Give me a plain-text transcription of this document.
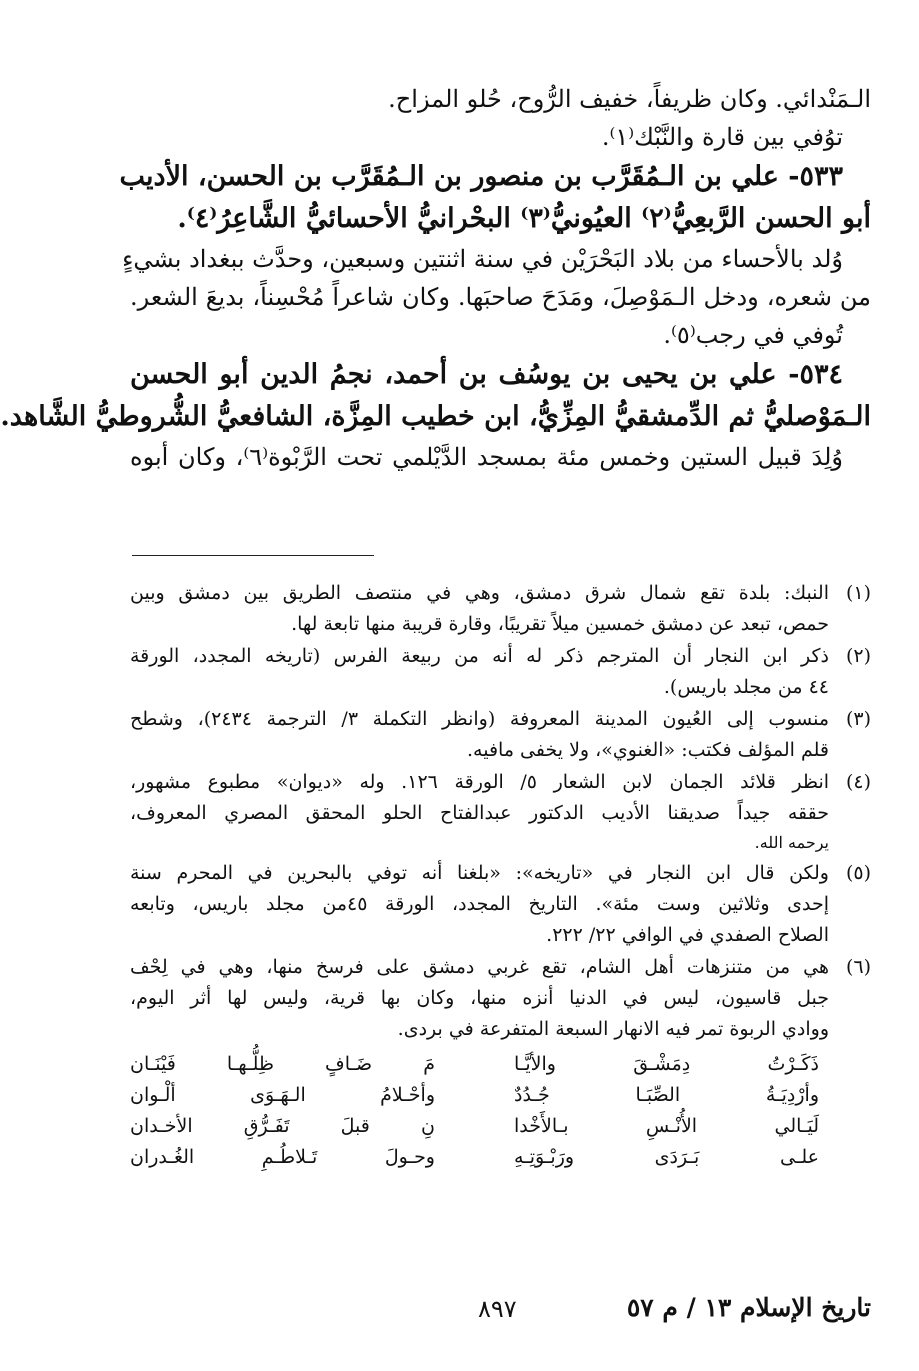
الـمَنْدائي. وكان ظريفاً، خفيف الرُّوح، حُلو المزاح.
توُفي بين قارة والنَّبْك⁽١⁾.
٥٣٣- علي بن الـمُقَرَّب بن منصور بن الـمُقَرَّب بن الحسن، الأديب
أبو الحسن الرَّبعِيُّ⁽٢⁾ العيُونيُّ⁽٣⁾ البحْرانيُّ الأحسائيُّ الشَّاعِرُ⁽٤⁾.
وُلد بالأحساء من بلاد البَحْرَيْن في سنة اثنتين وسبعين، وحدَّث ببغداد بشيءٍ
من شعره، ودخل الـمَوْصِلَ، ومَدَحَ صاحبَها. وكان شاعراً مُحْسِناً، بديعَ الشعر.
تُوفي في رجب⁽٥⁾.
٥٣٤- علي بن يحيى بن يوسُف بن أحمد، نجمُ الدين أبو الحسن
الـمَوْصليُّ ثم الدِّمشقيُّ المِزِّيُّ، ابن خطيب المِزَّة، الشافعيُّ الشُّروطيُّ الشَّاهد.
وُلِدَ قبيل الستين وخمس مئة بمسجد الدَّيْلمي تحت الرَّبْوة⁽٦⁾، وكان أبوه
(١)
النبك: بلدة تقع شمال شرق دمشق، وهي في منتصف الطريق بين دمشق وبين
حمص، تبعد عن دمشق خمسين ميلاً تقريبًا، وقارة قريبة منها تابعة لها.
(٢)
ذكر ابن النجار أن المترجم ذكر له أنه من ربيعة الفرس (تاريخه المجدد، الورقة
٤٤ من مجلد باريس).
(٣)
منسوب إلى العُيون المدينة المعروفة (وانظر التكملة ٣/ الترجمة ٢٤٣٤)، وشطح
قلم المؤلف فكتب: «الغنوي»، ولا يخفى مافيه.
(٤)
انظر قلائد الجمان لابن الشعار ٥/ الورقة ١٢٦. وله «ديوان» مطبوع مشهور،
حققه جيداً صديقنا الأديب الدكتور عبدالفتاح الحلو المحقق المصري المعروف،
يرحمه الله.
(٥)
ولكن قال ابن النجار في «تاريخه»: «بلغنا أنه توفي بالبحرين في المحرم سنة
إحدى وثلاثين وست مئة». التاريخ المجدد، الورقة ٤٥من مجلد باريس، وتابعه
الصلاح الصفدي في الوافي ٢٢/ ٢٢٢.
(٦)
هي من متنزهات أهل الشام، تقع غربي دمشق على فرسخ منها، وهي في لِحْف
جبل قاسيون، ليس في الدنيا أنزه منها، وكان بها قرية، وليس لها أثر اليوم،
ووادي الربوة تمر فيه الانهار السبعة المتفرعة في بردى.
ذَكَـرْتُ دِمَشْـقَ والأيَّـا
مَ ضَـافٍ ظِلُّـهـا فَيْنَـان
وأرْدِيَـةُ الصِّبَـا جُـدُدٌ
وأحْـلامُ الـهَـوَى ألْـوان
لَيَـالي الأُنْـسِ بـالأَخْدا
نِ قبلَ تَفَـرُّقِ الأخـدان
علـى بَـرَدَى ورَبْـوَتِـهِ
وحـولَ تَـلاطُـمِ الغُـدران
تاريخ الإسلام ١٣ / م ٥٧
٨٩٧
